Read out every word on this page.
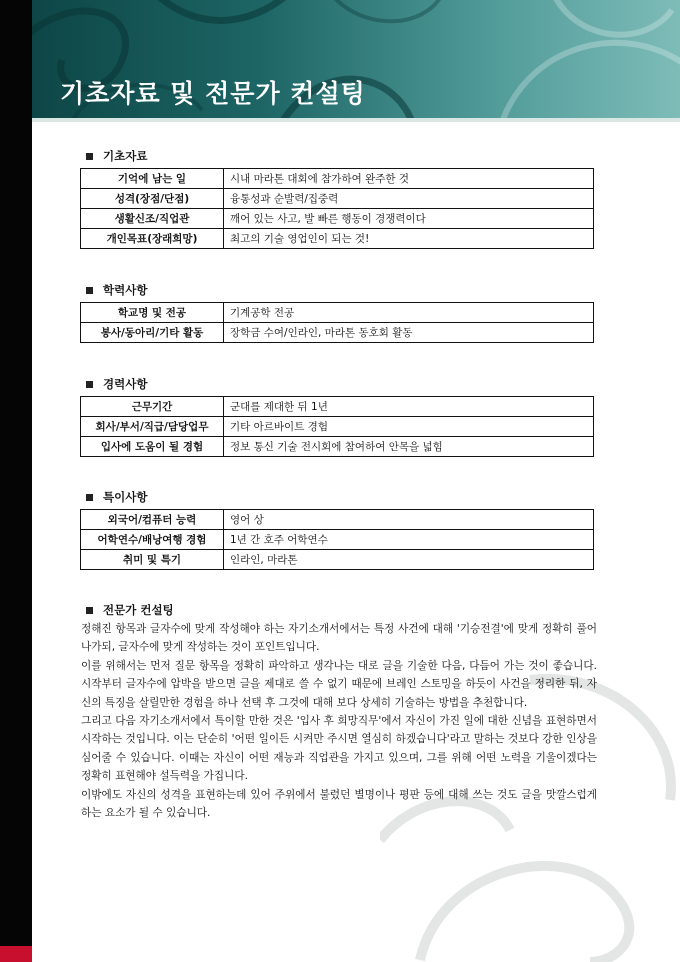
기초자료 및 전문가 컨설팅
기초자료
기억에 남는 일	시내 마라톤 대회에 참가하여 완주한 것
성격(장점/단점)	융통성과 순발력/집중력
생활신조/직업관	깨어 있는 사고, 발 빠른 행동이 경쟁력이다
개인목표(장래희망)	최고의 기술 영업인이 되는 것!
학력사항
학교명 및 전공	기계공학 전공
봉사/동아리/기타 활동	장학금 수여/인라인, 마라톤 동호회 활동
경력사항
근무기간	군대를 제대한 뒤 1년
회사/부서/직급/담당업무	기타 아르바이트 경험
입사에 도움이 될 경험	정보 통신 기술 전시회에 참여하여 안목을 넓힘
특이사항
외국어/컴퓨터 능력	영어 상
어학연수/배낭여행 경험	1년 간 호주 어학연수
취미 및 특기	인라인, 마라톤
전문가 컨설팅

정해진 항목과 글자수에 맞게 작성해야 하는 자기소개서에서는 특정 사건에 대해 '기승전결'에 맞게 정확히 풀어나가되, 글자수에 맞게 작성하는 것이 포인트입니다.

이를 위해서는 먼저 질문 항목을 정확히 파악하고 생각나는 대로 글을 기술한 다음, 다듬어 가는 것이 좋습니다. 시작부터 글자수에 압박을 받으면 글을 제대로 쓸 수 없기 때문에 브레인 스토밍을 하듯이 사건을 정리한 뒤, 자신의 특징을 살릴만한 경험을 하나 선택 후 그것에 대해 보다 상세히 기술하는 방법을 추천합니다.

그리고 다음 자기소개서에서 특이할 만한 것은 '입사 후 희망직무'에서 자신이 가진 일에 대한 신념을 표현하면서 시작하는 것입니다. 이는 단순히 '어떤 일이든 시켜만 주시면 열심히 하겠습니다'라고 말하는 것보다 강한 인상을 심어줄 수 있습니다. 이때는 자신이 어떤 재능과 직업관을 가지고 있으며, 그를 위해 어떤 노력을 기울이겠다는 정확히 표현해야 설득력을 가집니다.

이밖에도 자신의 성격을 표현하는데 있어 주위에서 불렸던 별명이나 평판 등에 대해 쓰는 것도 글을 맛깔스럽게 하는 요소가 될 수 있습니다.
